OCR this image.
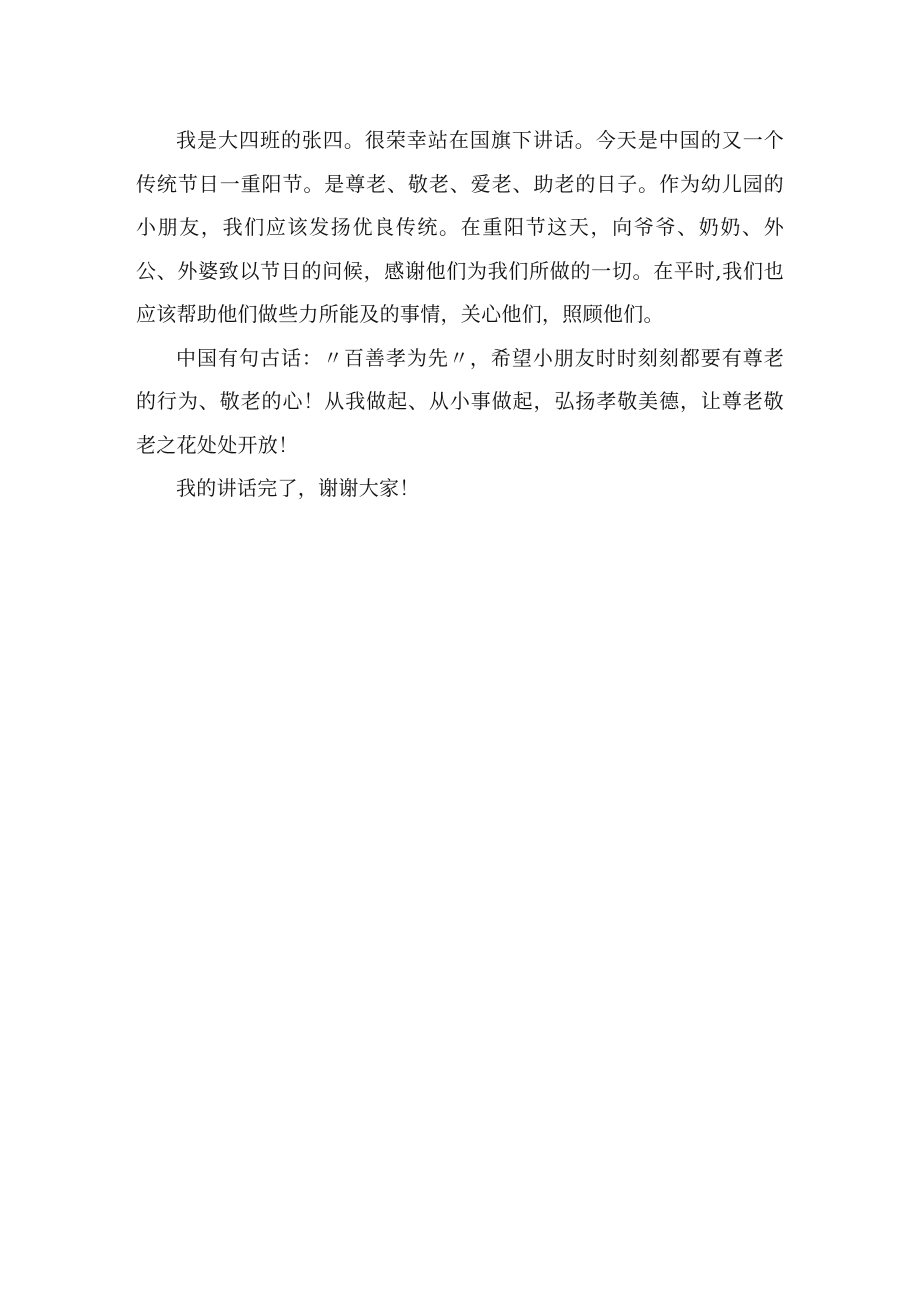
我是大四班的张四。很荣幸站在国旗下讲话。今天是中国的又一个传统节日一重阳节。是尊老、敬老、爱老、助老的日子。作为幼儿园的小朋友，我们应该发扬优良传统。在重阳节这天，向爷爷、奶奶、外公、外婆致以节日的问候，感谢他们为我们所做的一切。在平时,我们也应该帮助他们做些力所能及的事情，关心他们，照顾他们。

中国有句古话：〃百善孝为先〃，希望小朋友时时刻刻都要有尊老的行为、敬老的心！从我做起、从小事做起，弘扬孝敬美德，让尊老敬老之花处处开放！

我的讲话完了，谢谢大家！
